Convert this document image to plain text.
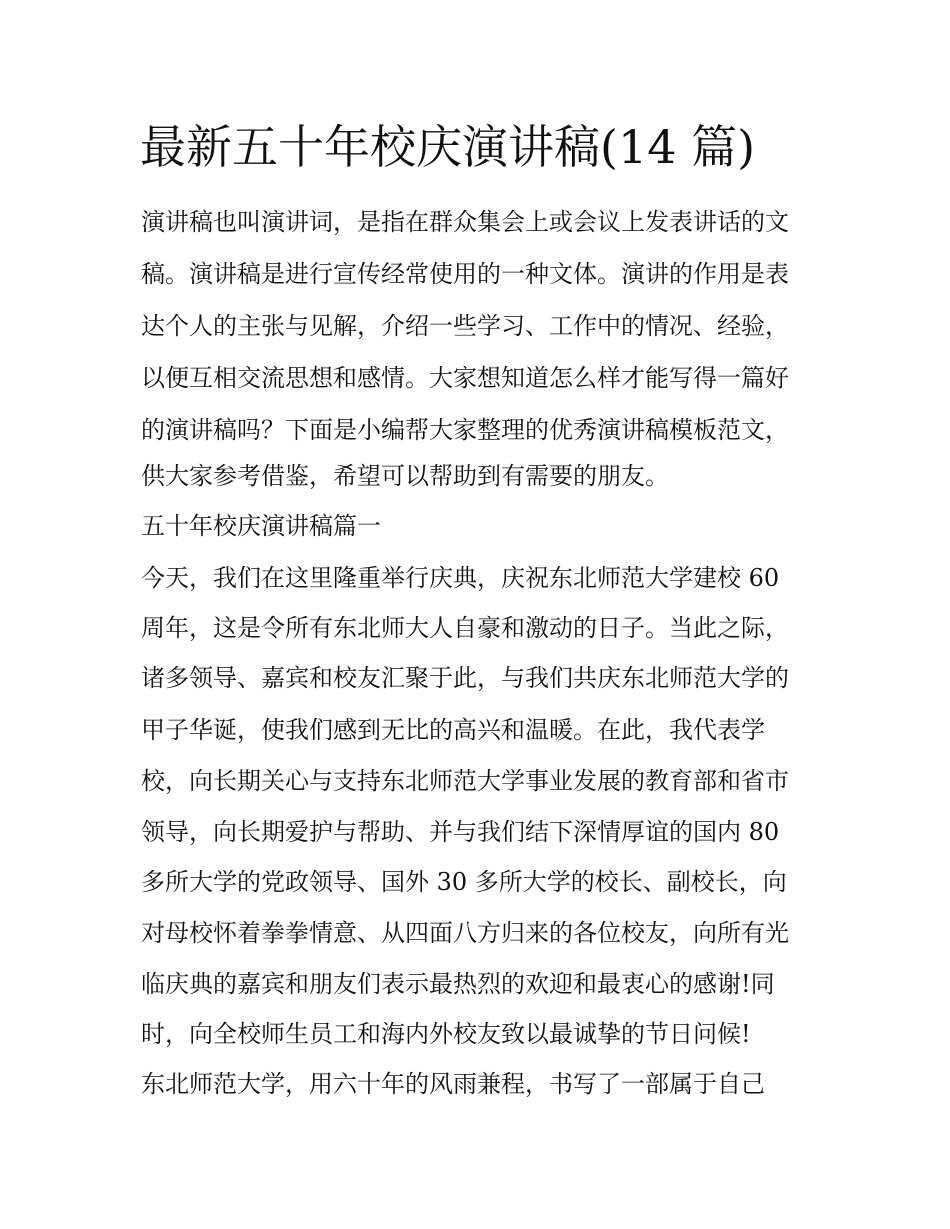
最新五十年校庆演讲稿(14 篇)

演讲稿也叫演讲词，是指在群众集会上或会议上发表讲话的文

稿。演讲稿是进行宣传经常使用的一种文体。演讲的作用是表

达个人的主张与见解，介绍一些学习、工作中的情况、经验，

以便互相交流思想和感情。大家想知道怎么样才能写得一篇好

的演讲稿吗？下面是小编帮大家整理的优秀演讲稿模板范文，

供大家参考借鉴，希望可以帮助到有需要的朋友。

五十年校庆演讲稿篇一

今天，我们在这里隆重举行庆典，庆祝东北师范大学建校 60

周年，这是令所有东北师大人自豪和激动的日子。当此之际，

诸多领导、嘉宾和校友汇聚于此，与我们共庆东北师范大学的

甲子华诞，使我们感到无比的高兴和温暖。在此，我代表学

校，向长期关心与支持东北师范大学事业发展的教育部和省市

领导，向长期爱护与帮助、并与我们结下深情厚谊的国内 80

多所大学的党政领导、国外 30 多所大学的校长、副校长，向

对母校怀着拳拳情意、从四面八方归来的各位校友，向所有光

临庆典的嘉宾和朋友们表示最热烈的欢迎和最衷心的感谢!同

时，向全校师生员工和海内外校友致以最诚挚的节日问候!

东北师范大学，用六十年的风雨兼程，书写了一部属于自己
